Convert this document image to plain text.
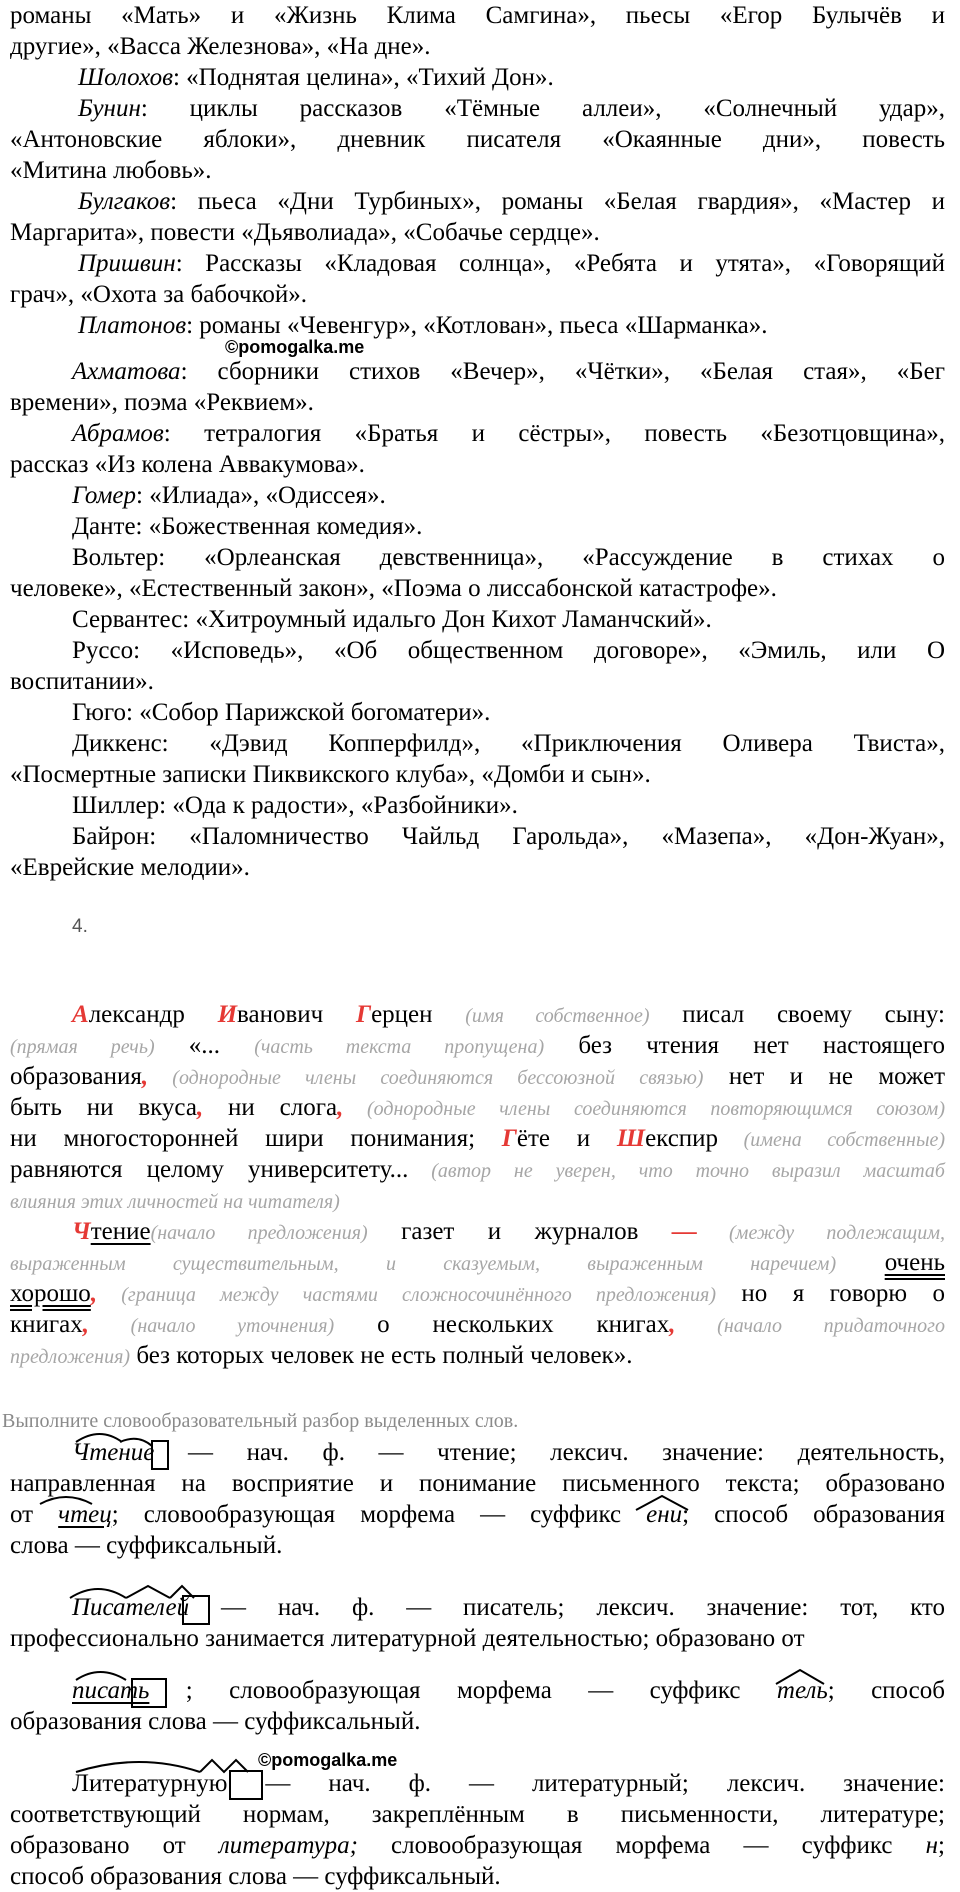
романы «Мать» и «Жизнь Клима Самгина», пьесы «Егор Булычёв и
другие», «Васса Железнова», «На дне».
Шолохов: «Поднятая целина», «Тихий Дон».
Бунин: циклы рассказов «Тёмные аллеи», «Солнечный удар»,
«Антоновские яблоки», дневник писателя «Окаянные дни», повесть
«Митина любовь».
Булгаков: пьеса «Дни Турбиных», романы «Белая гвардия», «Мастер и
Маргарита», повести «Дьяволиада», «Собачье сердце».
Пришвин: Рассказы «Кладовая солнца», «Ребята и утята», «Говорящий
грач», «Охота за бабочкой».
Платонов: романы «Чевенгур», «Котлован», пьеса «Шарманка».
©pomogalka.me
Ахматова: сборники стихов «Вечер», «Чётки», «Белая стая», «Бег
времени», поэма «Реквием».
Абрамов: тетралогия «Братья и сёстры», повесть «Безотцовщина»,
рассказ «Из колена Аввакумова».
Гомер: «Илиада», «Одиссея».
Данте: «Божественная комедия».
Вольтер: «Орлеанская девственница», «Рассуждение в стихах о
человеке», «Естественный закон», «Поэма о лиссабонской катастрофе».
Сервантес: «Хитроумный идальго Дон Кихот Ламанчский».
Руссо: «Исповедь», «Об общественном договоре», «Эмиль, или О
воспитании».
Гюго: «Собор Парижской богоматери».
Диккенс: «Дэвид Копперфилд», «Приключения Оливера Твиста»,
«Посмертные записки Пиквикского клуба», «Домби и сын».
Шиллер: «Ода к радости», «Разбойники».
Байрон: «Паломничество Чайльд Гарольда», «Мазепа», «Дон-Жуан»,
«Еврейские мелодии».
4.
Александр Иванович Герцен (имя собственное) писал своему сыну:
(прямая речь) «... (часть текста пропущена) без чтения нет настоящего
образования, (однородные члены соединяются бессоюзной связью) нет и не может
быть ни вкуса, ни слога, (однородные члены соединяются повторяющимся союзом)
ни многосторонней шири понимания; Гёте и Шекспир (имена собственные)
равняются целому университету... (автор не уверен, что точно выразил масштаб
влияния этих личностей на читателя)
Чтение(начало предложения) газет и журналов — (между подлежащим,
выраженным существительным, и сказуемым, выраженным наречием) очень
хорошо, (граница между частями сложносочинённого предложения) но я говорю о
книгах, (начало уточнения) о нескольких книгах, (начало придаточного
предложения) без которых человек не есть полный человек».
Выполните словообразовательный разбор выделенных слов.
Чтение — нач. ф. — чтение; лексич. значение: деятельность,
направленная на восприятие и понимание письменного текста; образовано
от чтец; словообразующая морфема — суффикс ени; способ образования
слова — суффиксальный.
Писателей — нач. ф. — писатель; лексич. значение: тот, кто
профессионально занимается литературной деятельностью; образовано от
писать ; словообразующая морфема — суффикс тель; способ
образования слова — суффиксальный.
©pomogalka.me
Литературную — нач. ф. — литературный; лексич. значение:
соответствующий нормам, закреплённым в письменности, литературе;
образовано от литература; словообразующая морфема — суффикс н;
способ образования слова — суффиксальный.
